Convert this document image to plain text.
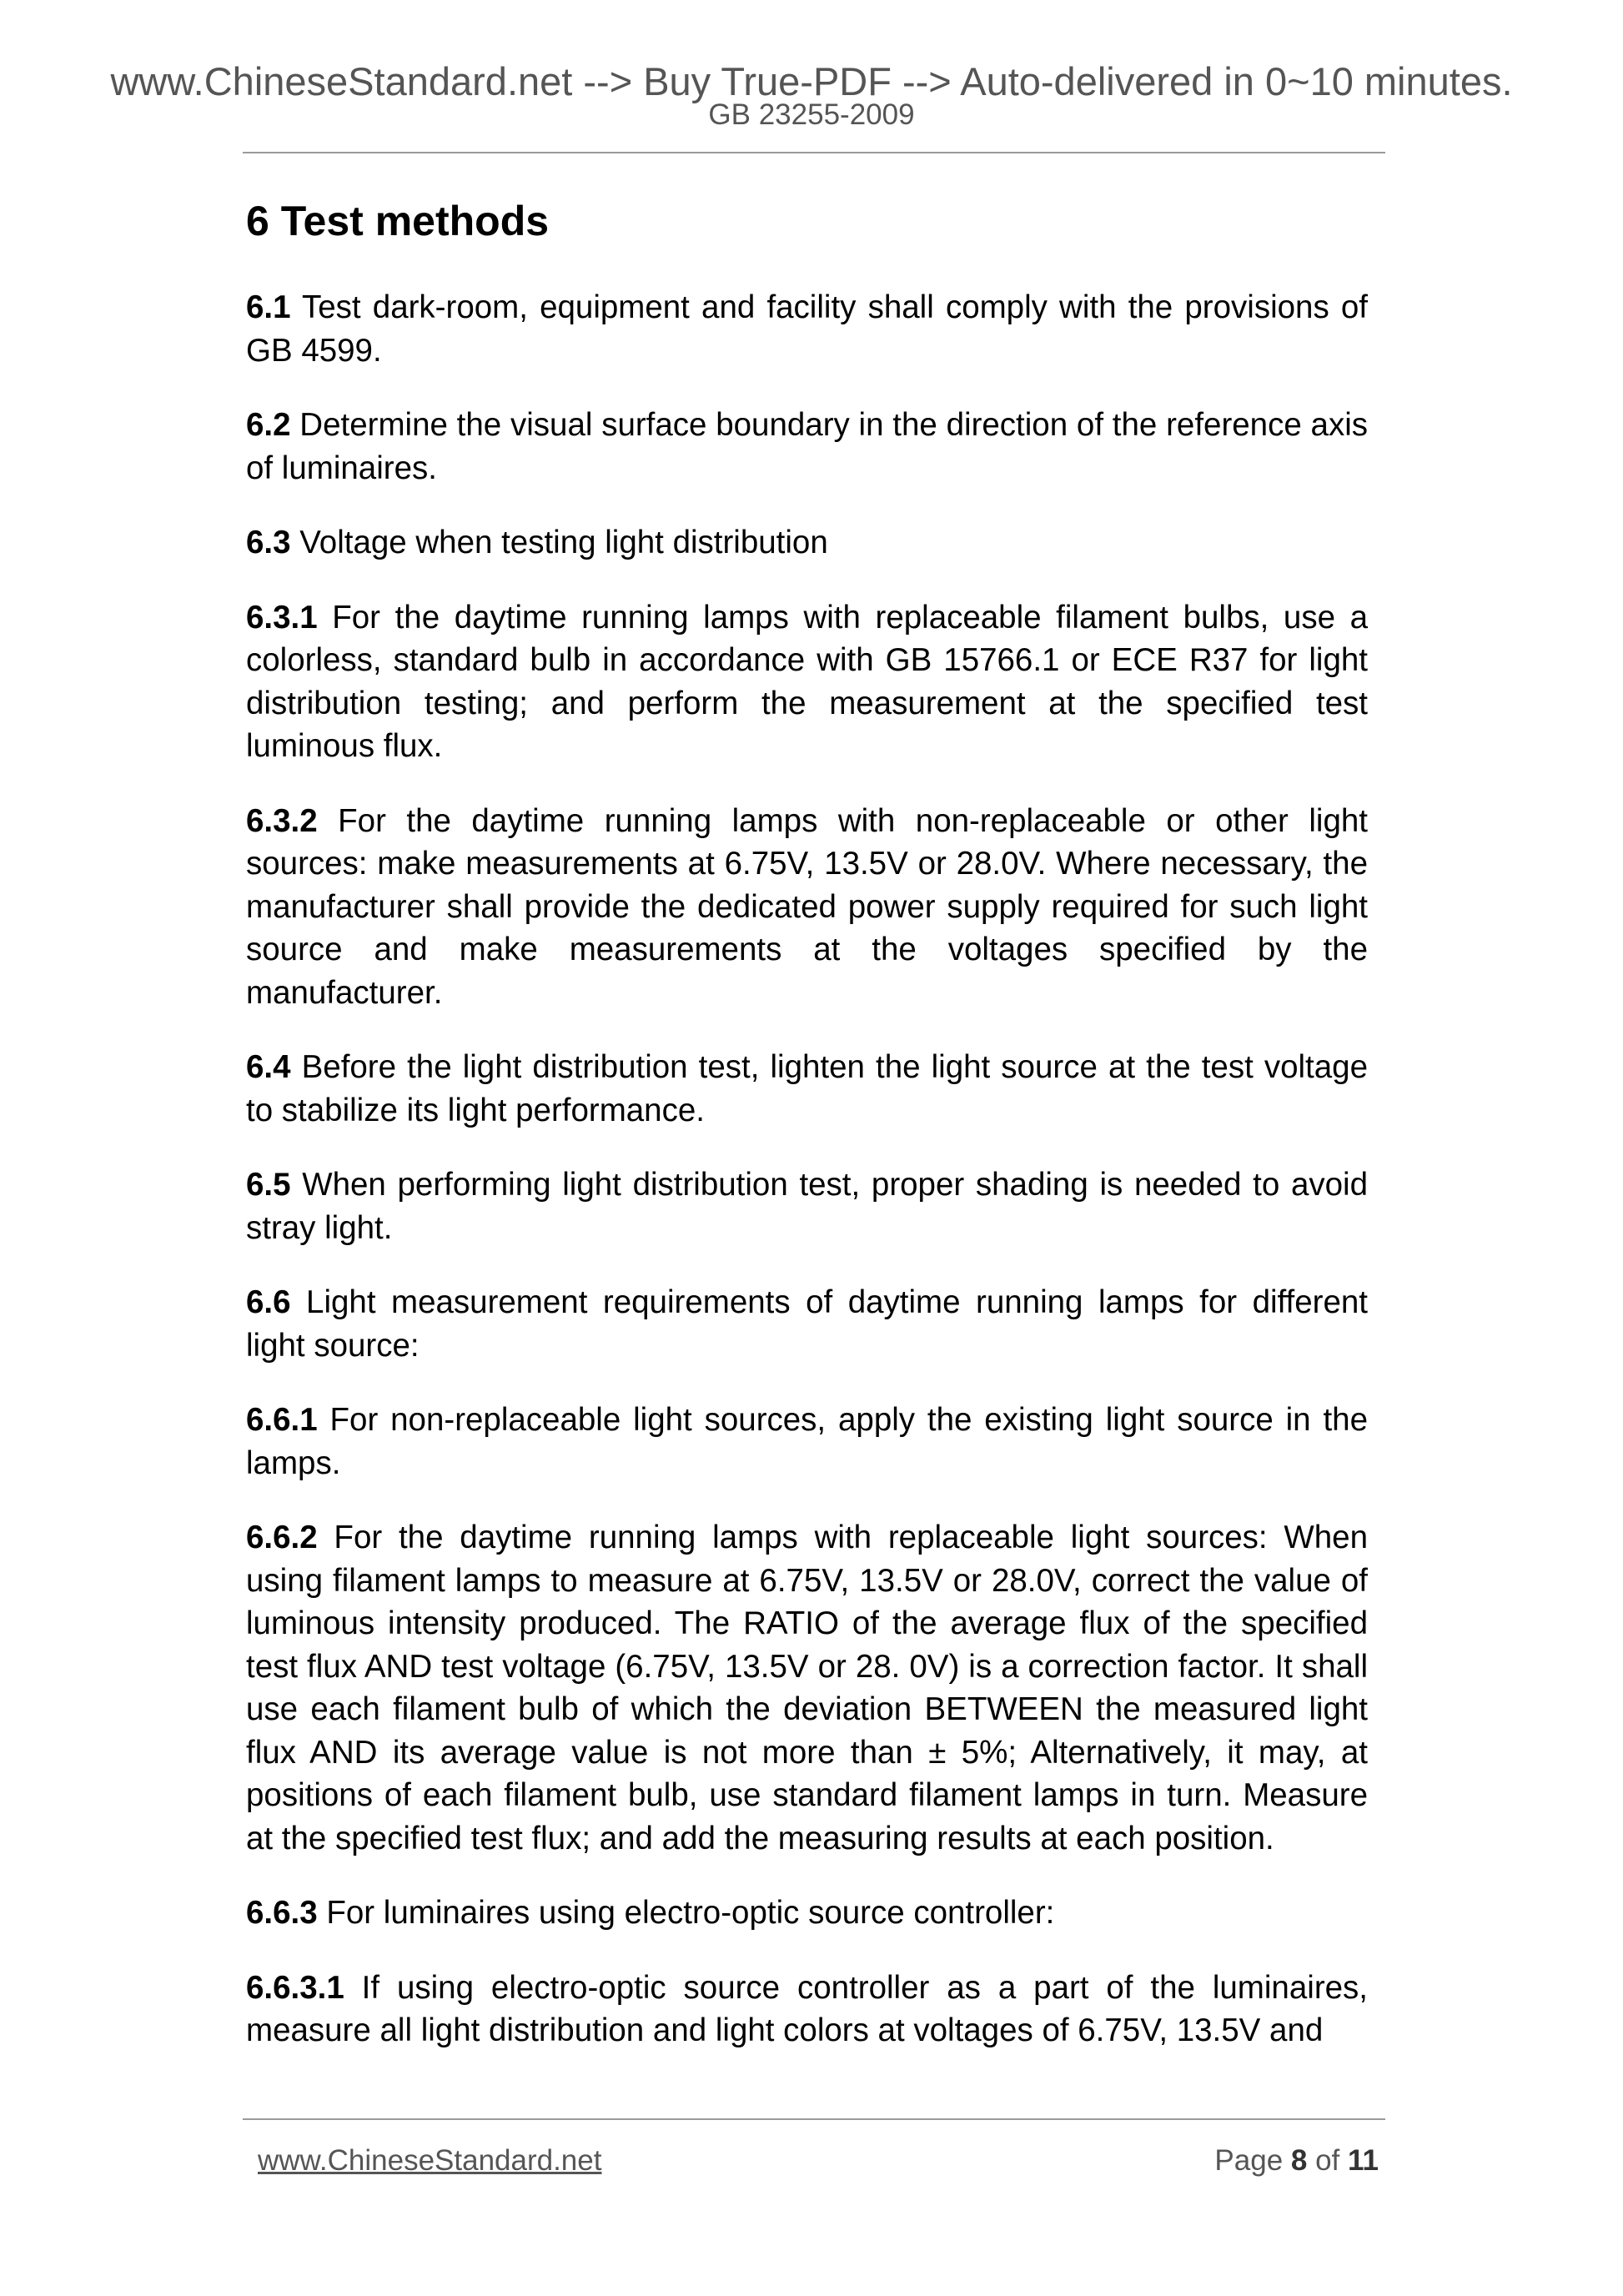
www.ChineseStandard.net --> Buy True-PDF --> Auto-delivered in 0~10 minutes.
GB 23255-2009
6 Test methods

6.1 Test dark-room, equipment and facility shall comply with the provisions of GB 4599.

6.2 Determine the visual surface boundary in the direction of the reference axis of luminaires.

6.3 Voltage when testing light distribution

6.3.1 For the daytime running lamps with replaceable filament bulbs, use a colorless, standard bulb in accordance with GB 15766.1 or ECE R37 for light distribution testing; and perform the measurement at the specified test luminous flux.

6.3.2 For the daytime running lamps with non-replaceable or other light sources: make measurements at 6.75V, 13.5V or 28.0V. Where necessary, the manufacturer shall provide the dedicated power supply required for such light source and make measurements at the voltages specified by the manufacturer.

6.4 Before the light distribution test, lighten the light source at the test voltage to stabilize its light performance.

6.5 When performing light distribution test, proper shading is needed to avoid stray light.

6.6 Light measurement requirements of daytime running lamps for different light source:

6.6.1 For non-replaceable light sources, apply the existing light source in the lamps.

6.6.2 For the daytime running lamps with replaceable light sources: When using filament lamps to measure at 6.75V, 13.5V or 28.0V, correct the value of luminous intensity produced. The RATIO of the average flux of the specified test flux AND test voltage (6.75V, 13.5V or 28. 0V) is a correction factor. It shall use each filament bulb of which the deviation BETWEEN the measured light flux AND its average value is not more than ± 5%; Alternatively, it may, at positions of each filament bulb, use standard filament lamps in turn. Measure at the specified test flux; and add the measuring results at each position.

6.6.3 For luminaires using electro-optic source controller:

6.6.3.1 If using electro-optic source controller as a part of the luminaires, measure all light distribution and light colors at voltages of 6.75V, 13.5V and

www.ChineseStandard.net	Page 8 of 11
